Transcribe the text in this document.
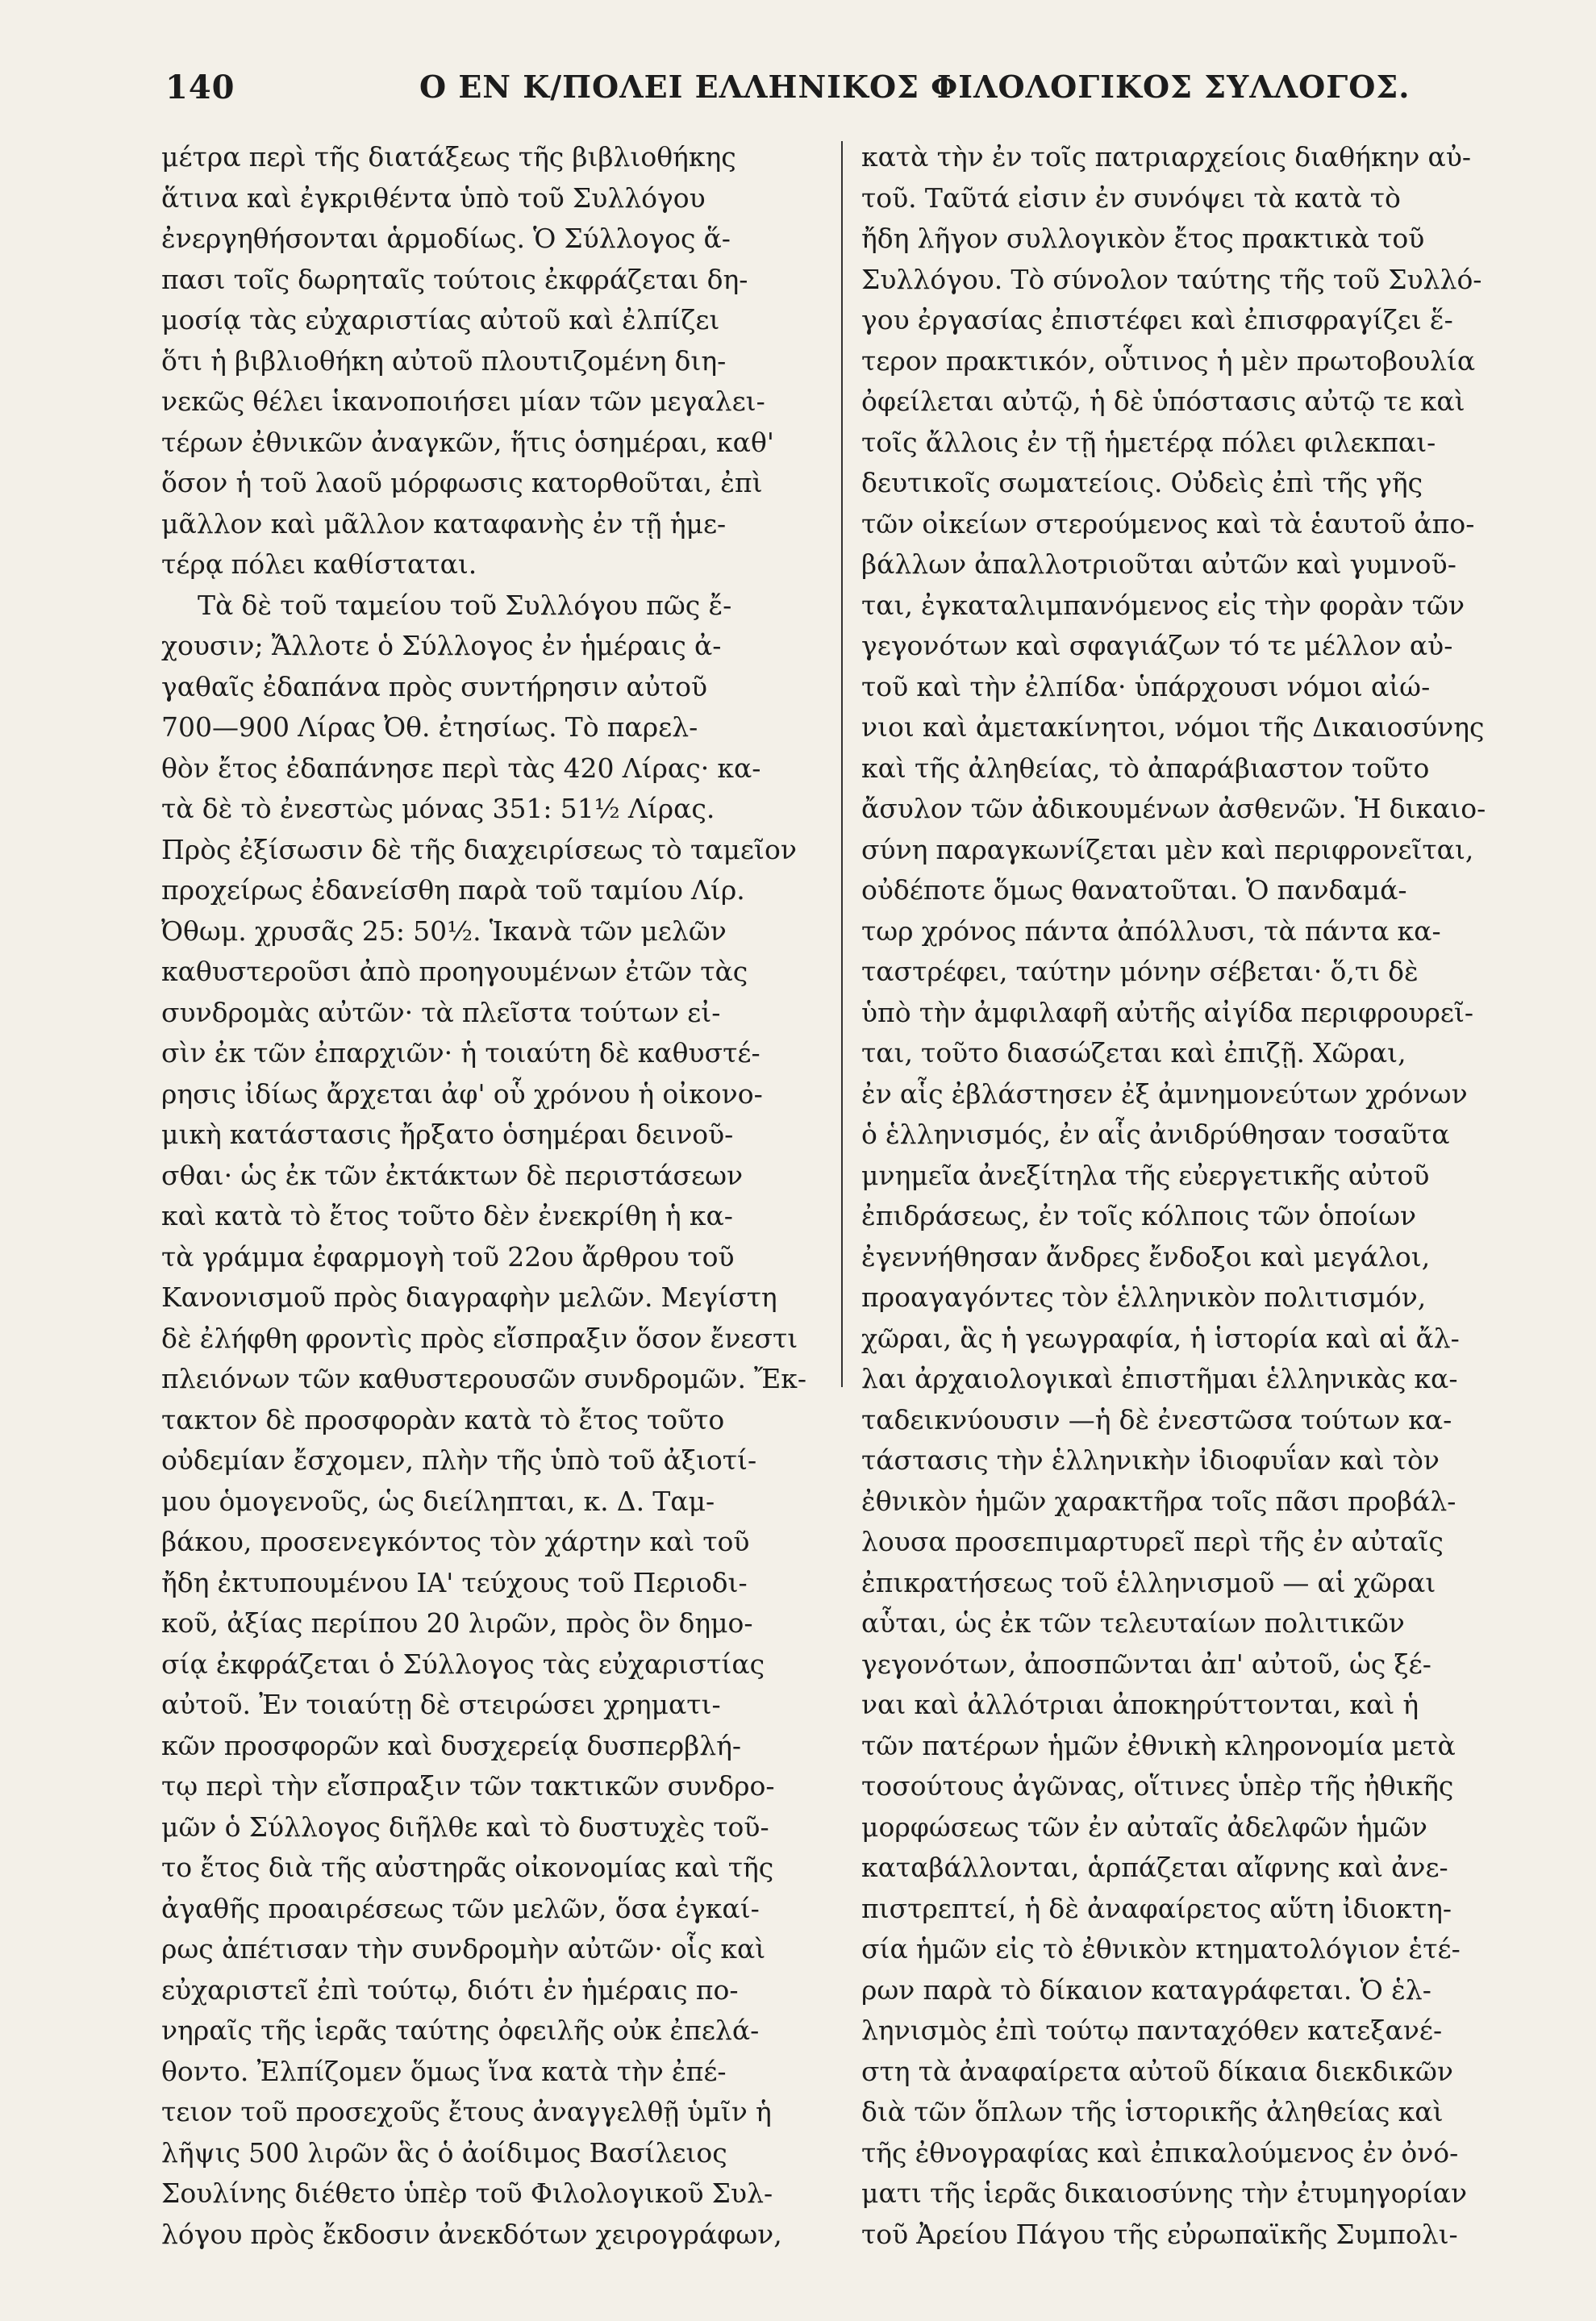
140	Ο ΕΝ Κ/ΠΟΛΕΙ ΕΛΛΗΝΙΚΟΣ ΦΙΛΟΛΟΓΙΚΟΣ ΣΥΛΛΟΓΟΣ.
μέτρα περὶ τῆς διατάξεως τῆς βιβλιοθήκης
ἅτινα καὶ ἐγκριθέντα ὑπὸ τοῦ Συλλόγου
ἐνεργηθήσονται ἁρμοδίως. Ὁ Σύλλογος ἅ-
πασι τοῖς δωρηταῖς τούτοις ἐκφράζεται δη-
μοσίᾳ τὰς εὐχαριστίας αὐτοῦ καὶ ἐλπίζει
ὅτι ἡ βιβλιοθήκη αὐτοῦ πλουτιζομένη διη-
νεκῶς θέλει ἱκανοποιήσει μίαν τῶν μεγαλει-
τέρων ἐθνικῶν ἀναγκῶν, ἥτις ὁσημέραι, καθ'
ὅσον ἡ τοῦ λαοῦ μόρφωσις κατορθοῦται, ἐπὶ
μᾶλλον καὶ μᾶλλον καταφανὴς ἐν τῇ ἡμε-
τέρᾳ πόλει καθίσταται.
Τὰ δὲ τοῦ ταμείου τοῦ Συλλόγου πῶς ἔ-
χουσιν; Ἄλλοτε ὁ Σύλλογος ἐν ἡμέραις ἀ-
γαθαῖς ἐδαπάνα πρὸς συντήρησιν αὐτοῦ
700—900 Λίρας Ὀθ. ἐτησίως. Τὸ παρελ-
θὸν ἔτος ἐδαπάνησε περὶ τὰς 420 Λίρας· κα-
τὰ δὲ τὸ ἐνεστὼς μόνας 351: 51½ Λίρας.
Πρὸς ἐξίσωσιν δὲ τῆς διαχειρίσεως τὸ ταμεῖον
προχείρως ἐδανείσθη παρὰ τοῦ ταμίου Λίρ.
Ὀθωμ. χρυσᾶς 25: 50½. Ἱκανὰ τῶν μελῶν
καθυστεροῦσι ἀπὸ προηγουμένων ἐτῶν τὰς
συνδρομὰς αὐτῶν· τὰ πλεῖστα τούτων εἰ-
σὶν ἐκ τῶν ἐπαρχιῶν· ἡ τοιαύτη δὲ καθυστέ-
ρησις ἰδίως ἄρχεται ἀφ' οὗ χρόνου ἡ οἰκονο-
μικὴ κατάστασις ἤρξατο ὁσημέραι δεινοῦ-
σθαι· ὡς ἐκ τῶν ἐκτάκτων δὲ περιστάσεων
καὶ κατὰ τὸ ἔτος τοῦτο δὲν ἐνεκρίθη ἡ κα-
τὰ γράμμα ἐφαρμογὴ τοῦ 22ου ἄρθρου τοῦ
Κανονισμοῦ πρὸς διαγραφὴν μελῶν. Μεγίστη
δὲ ἐλήφθη φροντὶς πρὸς εἴσπραξιν ὅσον ἔνεστι
πλειόνων τῶν καθυστερουσῶν συνδρομῶν. Ἔκ-
τακτον δὲ προσφορὰν κατὰ τὸ ἔτος τοῦτο
οὐδεμίαν ἔσχομεν, πλὴν τῆς ὑπὸ τοῦ ἀξιοτί-
μου ὁμογενοῦς, ὡς διείληπται, κ. Δ. Ταμ-
βάκου, προσενεγκόντος τὸν χάρτην καὶ τοῦ
ἤδη ἐκτυπουμένου ΙΑ' τεύχους τοῦ Περιοδι-
κοῦ, ἀξίας περίπου 20 λιρῶν, πρὸς ὃν δημο-
σίᾳ ἐκφράζεται ὁ Σύλλογος τὰς εὐχαριστίας
αὐτοῦ. Ἐν τοιαύτῃ δὲ στειρώσει χρηματι-
κῶν προσφορῶν καὶ δυσχερείᾳ δυσπερβλή-
τῳ περὶ τὴν εἴσπραξιν τῶν τακτικῶν συνδρο-
μῶν ὁ Σύλλογος διῆλθε καὶ τὸ δυστυχὲς τοῦ-
το ἔτος διὰ τῆς αὐστηρᾶς οἰκονομίας καὶ τῆς
ἀγαθῆς προαιρέσεως τῶν μελῶν, ὅσα ἐγκαί-
ρως ἀπέτισαν τὴν συνδρομὴν αὐτῶν· οἷς καὶ
εὐχαριστεῖ ἐπὶ τούτῳ, διότι ἐν ἡμέραις πο-
νηραῖς τῆς ἱερᾶς ταύτης ὀφειλῆς οὐκ ἐπελά-
θοντο. Ἐλπίζομεν ὅμως ἵνα κατὰ τὴν ἐπέ-
τειον τοῦ προσεχοῦς ἔτους ἀναγγελθῇ ὑμῖν ἡ
λῆψις 500 λιρῶν ἃς ὁ ἀοίδιμος Βασίλειος
Σουλίνης διέθετο ὑπὲρ τοῦ Φιλολογικοῦ Συλ-
λόγου πρὸς ἔκδοσιν ἀνεκδότων χειρογράφων,
κατὰ τὴν ἐν τοῖς πατριαρχείοις διαθήκην αὐ-
τοῦ. Ταῦτά εἰσιν ἐν συνόψει τὰ κατὰ τὸ
ἤδη λῆγον συλλογικὸν ἔτος πρακτικὰ τοῦ
Συλλόγου. Τὸ σύνολον ταύτης τῆς τοῦ Συλλό-
γου ἐργασίας ἐπιστέφει καὶ ἐπισφραγίζει ἕ-
τερον πρακτικόν, οὗτινος ἡ μὲν πρωτοβουλία
ὀφείλεται αὐτῷ, ἡ δὲ ὑπόστασις αὐτῷ τε καὶ
τοῖς ἄλλοις ἐν τῇ ἡμετέρᾳ πόλει φιλεκπαι-
δευτικοῖς σωματείοις. Οὐδεὶς ἐπὶ τῆς γῆς
τῶν οἰκείων στερούμενος καὶ τὰ ἑαυτοῦ ἀπο-
βάλλων ἀπαλλοτριοῦται αὐτῶν καὶ γυμνοῦ-
ται, ἐγκαταλιμπανόμενος εἰς τὴν φορὰν τῶν
γεγονότων καὶ σφαγιάζων τό τε μέλλον αὐ-
τοῦ καὶ τὴν ἐλπίδα· ὑπάρχουσι νόμοι αἰώ-
νιοι καὶ ἀμετακίνητοι, νόμοι τῆς Δικαιοσύνης
καὶ τῆς ἀληθείας, τὸ ἀπαράβιαστον τοῦτο
ἄσυλον τῶν ἀδικουμένων ἀσθενῶν. Ἡ δικαιο-
σύνη παραγκωνίζεται μὲν καὶ περιφρονεῖται,
οὐδέποτε ὅμως θανατοῦται. Ὁ πανδαμά-
τωρ χρόνος πάντα ἀπόλλυσι, τὰ πάντα κα-
ταστρέφει, ταύτην μόνην σέβεται· ὅ,τι δὲ
ὑπὸ τὴν ἀμφιλαφῆ αὐτῆς αἰγίδα περιφρουρεῖ-
ται, τοῦτο διασώζεται καὶ ἐπιζῇ. Χῶραι,
ἐν αἷς ἐβλάστησεν ἐξ ἀμνημονεύτων χρόνων
ὁ ἑλληνισμός, ἐν αἷς ἀνιδρύθησαν τοσαῦτα
μνημεῖα ἀνεξίτηλα τῆς εὐεργετικῆς αὐτοῦ
ἐπιδράσεως, ἐν τοῖς κόλποις τῶν ὁποίων
ἐγεννήθησαν ἄνδρες ἔνδοξοι καὶ μεγάλοι,
προαγαγόντες τὸν ἑλληνικὸν πολιτισμόν,
χῶραι, ἃς ἡ γεωγραφία, ἡ ἱστορία καὶ αἱ ἄλ-
λαι ἀρχαιολογικαὶ ἐπιστῆμαι ἑλληνικὰς κα-
ταδεικνύουσιν —ἡ δὲ ἐνεστῶσα τούτων κα-
τάστασις τὴν ἑλληνικὴν ἰδιοφυΐαν καὶ τὸν
ἐθνικὸν ἡμῶν χαρακτῆρα τοῖς πᾶσι προβάλ-
λουσα προσεπιμαρτυρεῖ περὶ τῆς ἐν αὐταῖς
ἐπικρατήσεως τοῦ ἑλληνισμοῦ — αἱ χῶραι
αὗται, ὡς ἐκ τῶν τελευταίων πολιτικῶν
γεγονότων, ἀποσπῶνται ἀπ' αὐτοῦ, ὡς ξέ-
ναι καὶ ἀλλότριαι ἀποκηρύττονται, καὶ ἡ
τῶν πατέρων ἡμῶν ἐθνικὴ κληρονομία μετὰ
τοσούτους ἀγῶνας, οἵτινες ὑπὲρ τῆς ἠθικῆς
μορφώσεως τῶν ἐν αὐταῖς ἀδελφῶν ἡμῶν
καταβάλλονται, ἁρπάζεται αἴφνης καὶ ἀνε-
πιστρεπτεί, ἡ δὲ ἀναφαίρετος αὕτη ἰδιοκτη-
σία ἡμῶν εἰς τὸ ἐθνικὸν κτηματολόγιον ἑτέ-
ρων παρὰ τὸ δίκαιον καταγράφεται. Ὁ ἑλ-
ληνισμὸς ἐπὶ τούτῳ πανταχόθεν κατεξανέ-
στη τὰ ἀναφαίρετα αὐτοῦ δίκαια διεκδικῶν
διὰ τῶν ὅπλων τῆς ἱστορικῆς ἀληθείας καὶ
τῆς ἐθνογραφίας καὶ ἐπικαλούμενος ἐν ὀνό-
ματι τῆς ἱερᾶς δικαιοσύνης τὴν ἐτυμηγορίαν
τοῦ Ἀρείου Πάγου τῆς εὐρωπαϊκῆς Συμπολι-
